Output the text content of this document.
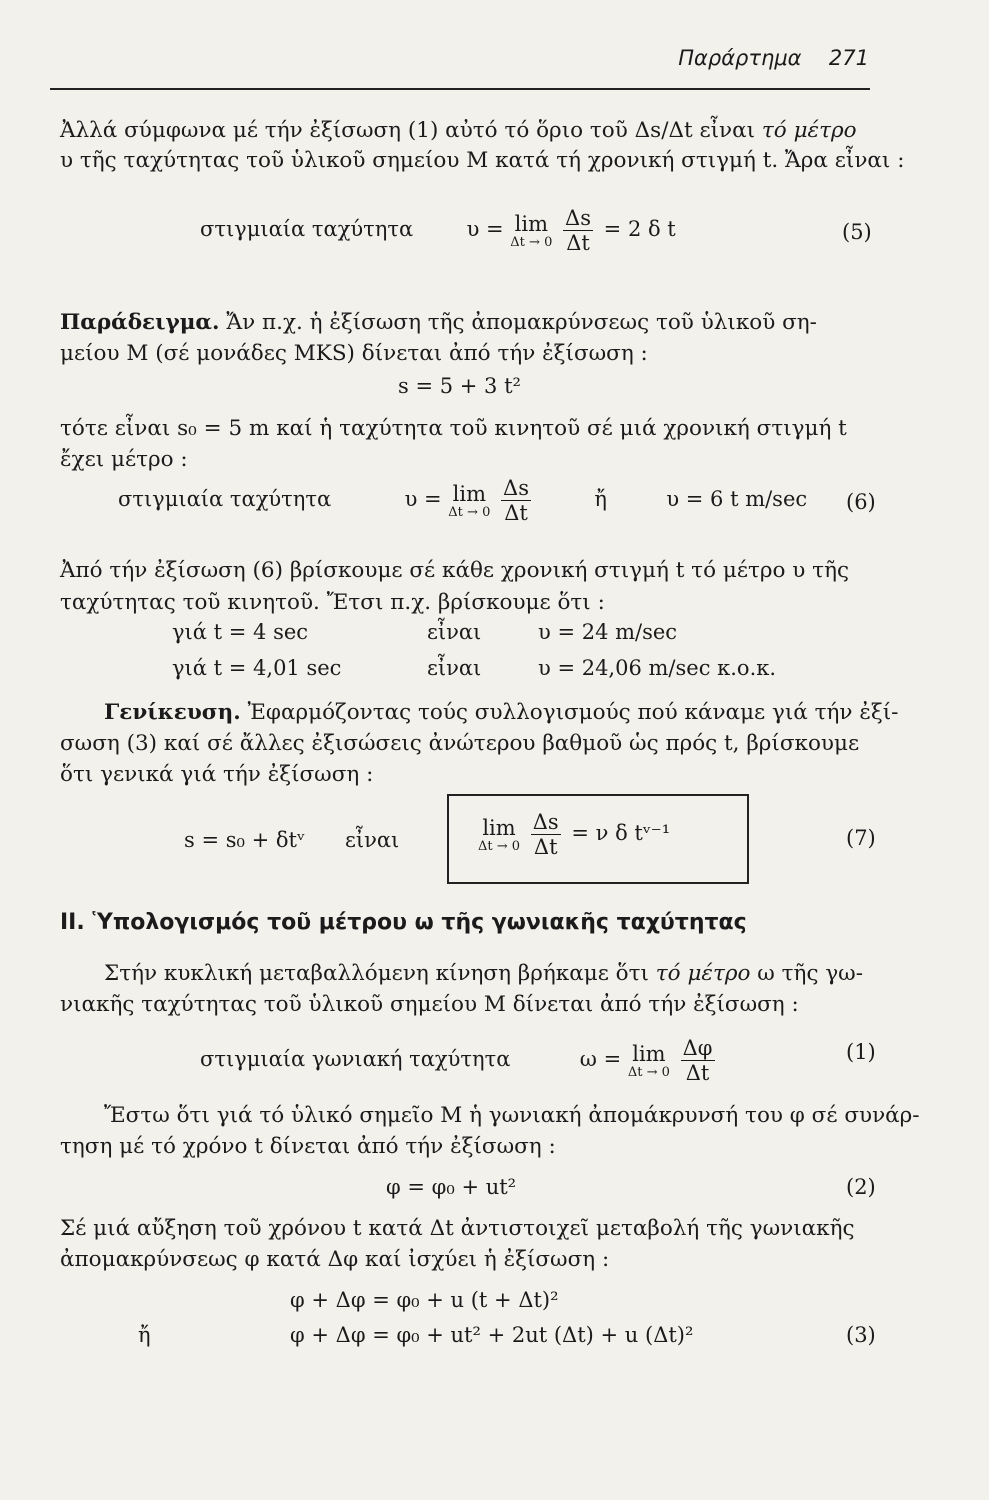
Παράρτημα 271
Ἀλλά σύμφωνα μέ τήν ἐξίσωση (1) αὐτό τό ὅριο τοῦ Δs/Δt εἶναι τό μέτρο
υ τῆς ταχύτητας τοῦ ὑλικοῦ σημείου Μ κατά τή χρονική στιγμή t. Ἄρα εἶναι :
στιγμιαία ταχύτητα	υ = lim
Δt → 0
$\frac{\Delta s}{\Delta t} = 2$ δ t	(5)
Παράδειγμα. Ἄν π.χ. ἡ ἐξίσωση τῆς ἀπομακρύνσεως τοῦ ὑλικοῦ ση-
μείου Μ (σέ μονάδες MKS) δίνεται ἀπό τήν ἐξίσωση :
s = 5 + 3 t²
τότε εἶναι s₀ = 5 m καί ἡ ταχύτητα τοῦ κινητοῦ σέ μιά χρονική στιγμή t
ἔχει μέτρο :
στιγμιαία ταχύτητα	υ = lim
Δt → 0
$\frac{\Delta s}{\Delta t}$	ἤ	υ = 6 t m/sec (6)
Ἀπό τήν ἐξίσωση (6) βρίσκουμε σέ κάθε χρονική στιγμή t τό μέτρο υ τῆς
ταχύτητας τοῦ κινητοῦ. Ἔτσι π.χ. βρίσκουμε ὅτι :
γιά t = 4 sec	εἶναι	υ = 24 m/sec
γιά t = 4,01 sec	εἶναι	υ = 24,06 m/sec κ.ο.κ.
Γενίκευση. Ἐφαρμόζοντας τούς συλλογισμούς πού κάναμε γιά τήν ἐξί-
σωση (3) καί σέ ἄλλες ἐξισώσεις ἀνώτερου βαθμοῦ ὡς πρός t, βρίσκουμε
ὅτι γενικά γιά τήν ἐξίσωση :
s = s₀ + δtᵛ εἶναι
lim
Δt → 0
$\frac{\Delta s}{\Delta t} = \nu$ δ tᵛ⁻¹	(7)
II. Ὑπολογισμός τοῦ μέτρου ω τῆς γωνιακῆς ταχύτητας
Στήν κυκλική μεταβαλλόμενη κίνηση βρήκαμε ὅτι τό μέτρο ω τῆς γω-
νιακῆς ταχύτητας τοῦ ὑλικοῦ σημείου Μ δίνεται ἀπό τήν ἐξίσωση :
στιγμιαία γωνιακή ταχύτητα	ω = lim
Δt → 0
$\frac{\Delta\varphi}{\Delta t}$	(1)
Ἔστω ὅτι γιά τό ὑλικό σημεῖο Μ ἡ γωνιακή ἀπομάκρυνσή του φ σέ συνάρ-
τηση μέ τό χρόνο t δίνεται ἀπό τήν ἐξίσωση :
φ = φ₀ + ut²	(2)
Σέ μιά αὔξηση τοῦ χρόνου t κατά Δt ἀντιστοιχεῖ μεταβολή τῆς γωνιακῆς
ἀπομακρύνσεως φ κατά Δφ καί ἰσχύει ἡ ἐξίσωση :
φ + Δφ = φ₀ + u (t + Δt)²
ἤ	φ + Δφ = φ₀ + ut² + 2ut (Δt) + u (Δt)²	(3)
